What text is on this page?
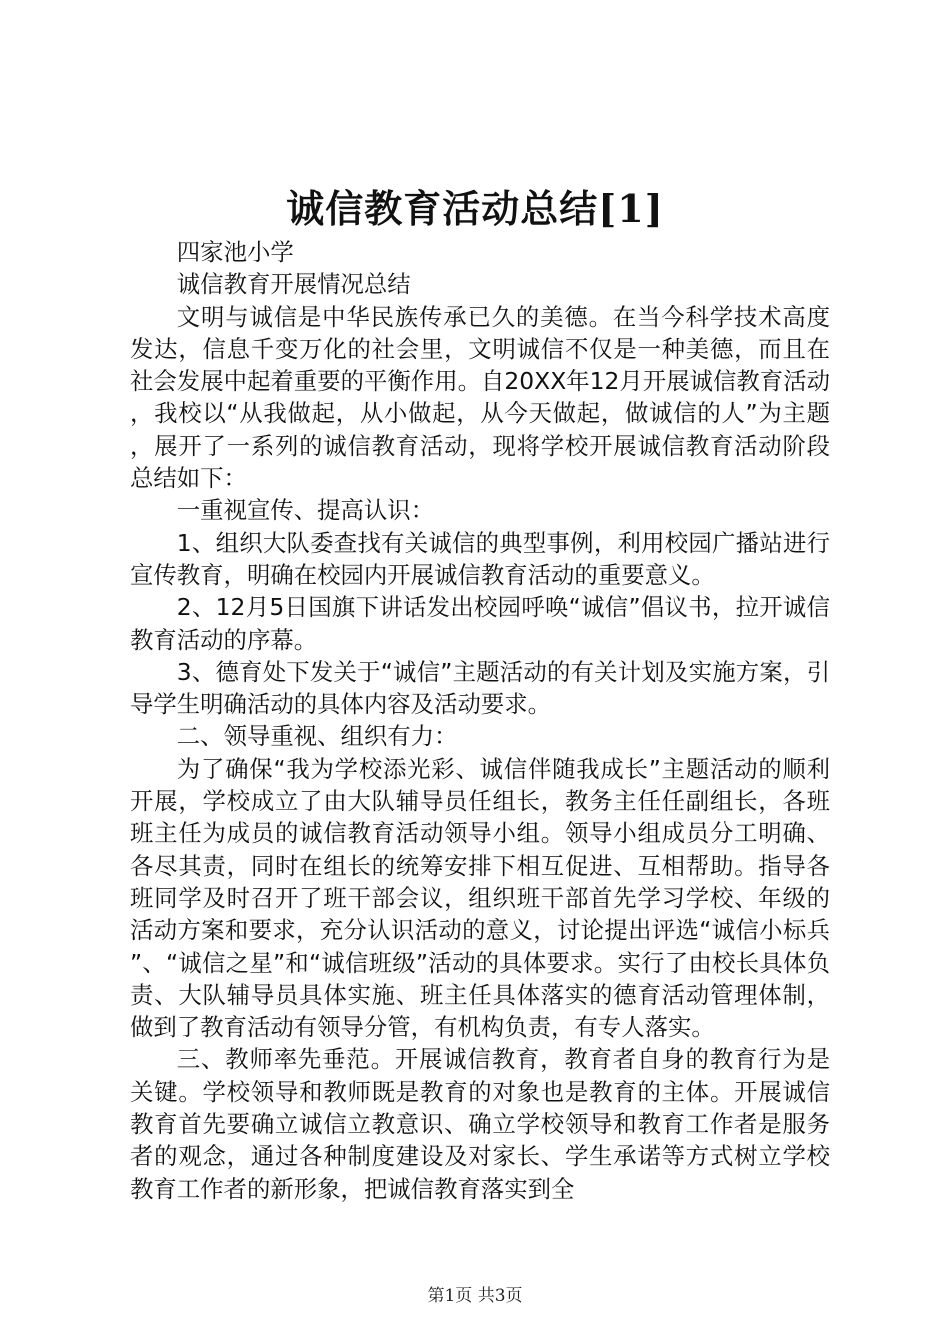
诚信教育活动总结[1]

四家池小学

诚信教育开展情况总结

文明与诚信是中华民族传承已久的美德。在当今科学技术高度发达，信息千变万化的社会里，文明诚信不仅是一种美德，而且在社会发展中起着重要的平衡作用。自20XX年12月开展诚信教育活动，我校以“从我做起，从小做起，从今天做起，做诚信的人”为主题，展开了一系列的诚信教育活动，现将学校开展诚信教育活动阶段总结如下：

一重视宣传、提高认识：

1、组织大队委查找有关诚信的典型事例，利用校园广播站进行宣传教育，明确在校园内开展诚信教育活动的重要意义。

2、12月5日国旗下讲话发出校园呼唤“诚信”倡议书，拉开诚信教育活动的序幕。

3、德育处下发关于“诚信”主题活动的有关计划及实施方案，引导学生明确活动的具体内容及活动要求。

二、领导重视、组织有力：

为了确保“我为学校添光彩、诚信伴随我成长”主题活动的顺利开展，学校成立了由大队辅导员任组长，教务主任任副组长，各班班主任为成员的诚信教育活动领导小组。领导小组成员分工明确、各尽其责，同时在组长的统筹安排下相互促进、互相帮助。指导各班同学及时召开了班干部会议，组织班干部首先学习学校、年级的活动方案和要求，充分认识活动的意义，讨论提出评选“诚信小标兵”、“诚信之星”和“诚信班级”活动的具体要求。实行了由校长具体负责、大队辅导员具体实施、班主任具体落实的德育活动管理体制，做到了教育活动有领导分管，有机构负责，有专人落实。

三、教师率先垂范。开展诚信教育，教育者自身的教育行为是关键。学校领导和教师既是教育的对象也是教育的主体。开展诚信教育首先要确立诚信立教意识、确立学校领导和教育工作者是服务者的观念，通过各种制度建设及对家长、学生承诺等方式树立学校教育工作者的新形象，把诚信教育落实到全

第1页 共3页
